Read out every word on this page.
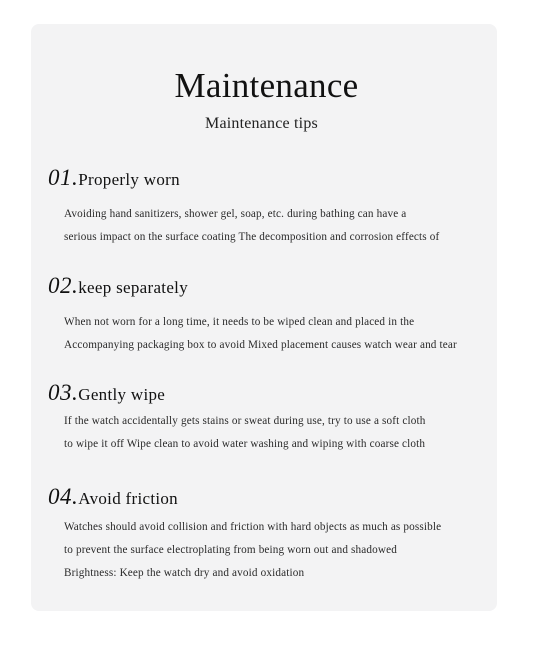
Maintenance
Maintenance tips
01.Properly worn
Avoiding hand sanitizers, shower gel, soap, etc. during bathing can have a
serious impact on the surface coating The decomposition and corrosion effects of
02.keep separately
When not worn for a long time, it needs to be wiped clean and placed in the
Accompanying packaging box to avoid Mixed placement causes watch wear and tear
03.Gently wipe
If the watch accidentally gets stains or sweat during use, try to use a soft cloth
to wipe it off Wipe clean to avoid water washing and wiping with coarse cloth
04.Avoid friction
Watches should avoid collision and friction with hard objects as much as possible
to prevent the surface electroplating from being worn out and shadowed
Brightness: Keep the watch dry and avoid oxidation
